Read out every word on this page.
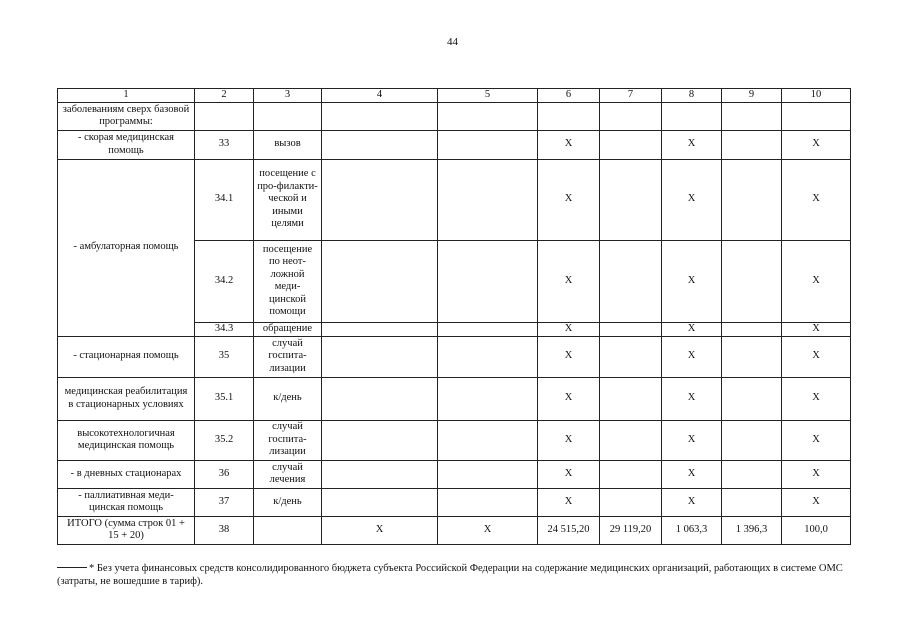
44
1	2	3	4	5	6	7	8	9	10
заболеваниям сверх базовой программы:									
- скорая медицинская помощь	33	вызов			X		X		X
- амбулаторная помощь	34.1	посещение с про-филакти-ческой и иными целями			X		X		X
	34.2	посещение по неот-ложной меди-цинской помощи			X		X		X
	34.3	обращение			X		X		X
- стационарная помощь	35	случай госпита-лизации			X		X		X
медицинская реабилитация в стационарных условиях	35.1	к/день			X		X		X
высокотехнологичная медицинская помощь	35.2	случай госпита-лизации			X		X		X
- в дневных стационарах	36	случай лечения			X		X		X
- паллиативная меди-цинская помощь	37	к/день			X		X		X
ИТОГО (сумма строк 01 + 15 + 20)	38		X	X	24 515,20	29 119,20	1 063,3	1 396,3	100,0
* Без учета финансовых средств консолидированного бюджета субъекта Российской Федерации на содержание медицинских организаций, работающих в системе ОМС (затраты, не вошедшие в тариф).
